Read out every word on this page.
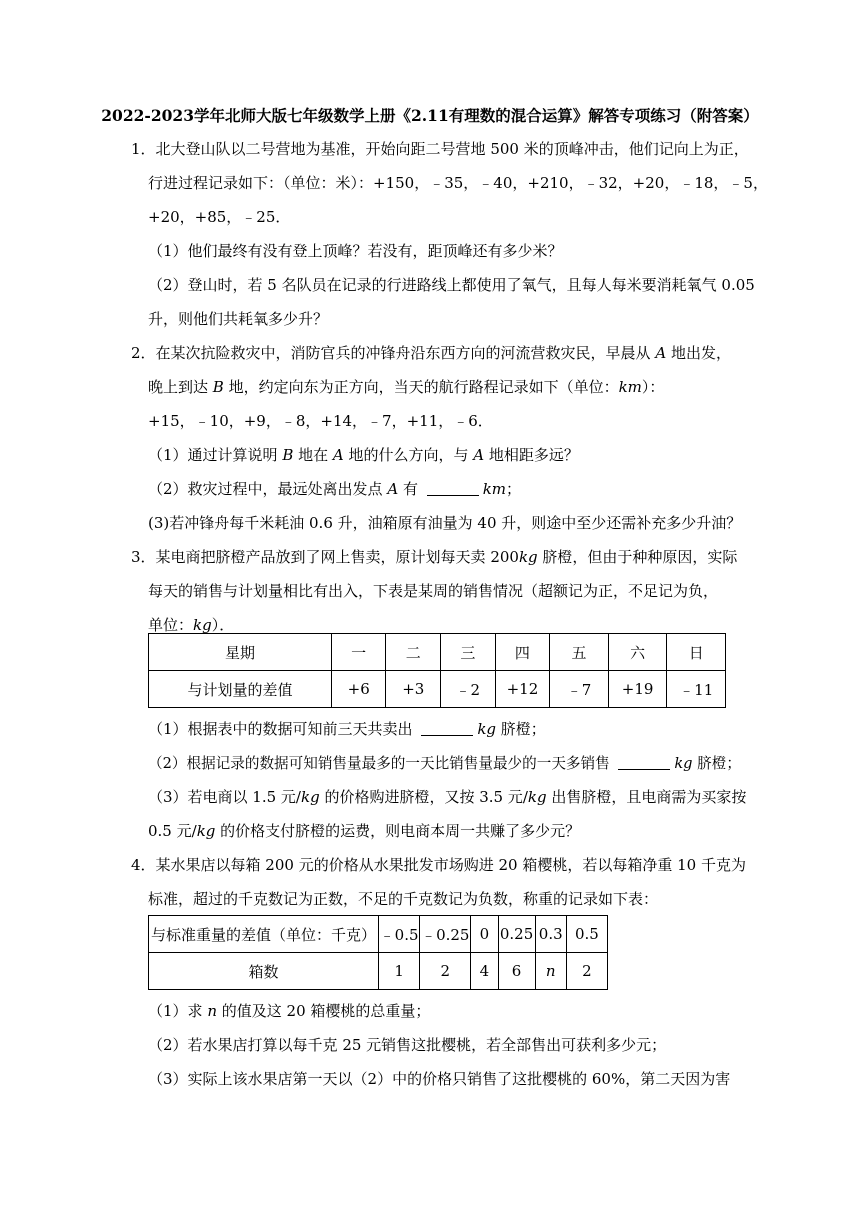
2022-2023学年北师大版七年级数学上册《2.11有理数的混合运算》解答专项练习（附答案）
1．北大登山队以二号营地为基准，开始向距二号营地 500 米的顶峰冲击，他们记向上为正，
行进过程记录如下：（单位：米）：+150，﹣35，﹣40，+210，﹣32，+20，﹣18，﹣5，
+20，+85，﹣25．
（1）他们最终有没有登上顶峰？若没有，距顶峰还有多少米？
（2）登山时，若 5 名队员在记录的行进路线上都使用了氧气，且每人每米要消耗氧气 0.05
升，则他们共耗氧多少升？
2．在某次抗险救灾中，消防官兵的冲锋舟沿东西方向的河流营救灾民，早晨从 A 地出发，
晚上到达 B 地，约定向东为正方向，当天的航行路程记录如下（单位：km）：
+15，﹣10，+9，﹣8，+14，﹣7，+11，﹣6．
（1）通过计算说明 B 地在 A 地的什么方向，与 A 地相距多远？
（2）救灾过程中，最远处离出发点 A 有	km；
(3)若冲锋舟每千米耗油 0.6 升，油箱原有油量为 40 升，则途中至少还需补充多少升油？
3．某电商把脐橙产品放到了网上售卖，原计划每天卖 200kg 脐橙，但由于种种原因，实际
每天的销售与计划量相比有出入，下表是某周的销售情况（超额记为正，不足记为负，
单位：kg）．
星期	一	二	三	四	五	六	日
与计划量的差值	+6	+3	﹣2	+12	﹣7	+19	﹣11
（1）根据表中的数据可知前三天共卖出	kg 脐橙；
（2）根据记录的数据可知销售量最多的一天比销售量最少的一天多销售	kg 脐橙；
（3）若电商以 1.5 元/kg 的价格购进脐橙，又按 3.5 元/kg 出售脐橙，且电商需为买家按
0.5 元/kg 的价格支付脐橙的运费，则电商本周一共赚了多少元？
4．某水果店以每箱 200 元的价格从水果批发市场购进 20 箱樱桃，若以每箱净重 10 千克为
标准，超过的千克数记为正数，不足的千克数记为负数，称重的记录如下表：
与标准重量的差值（单位：千克）	﹣0.5	﹣0.25	0	0.25	0.3	0.5
箱数	1	2	4	6	n	2
（1）求 n 的值及这 20 箱樱桃的总重量；
（2）若水果店打算以每千克 25 元销售这批樱桃，若全部售出可获利多少元；
（3）实际上该水果店第一天以（2）中的价格只销售了这批樱桃的 60%，第二天因为害
